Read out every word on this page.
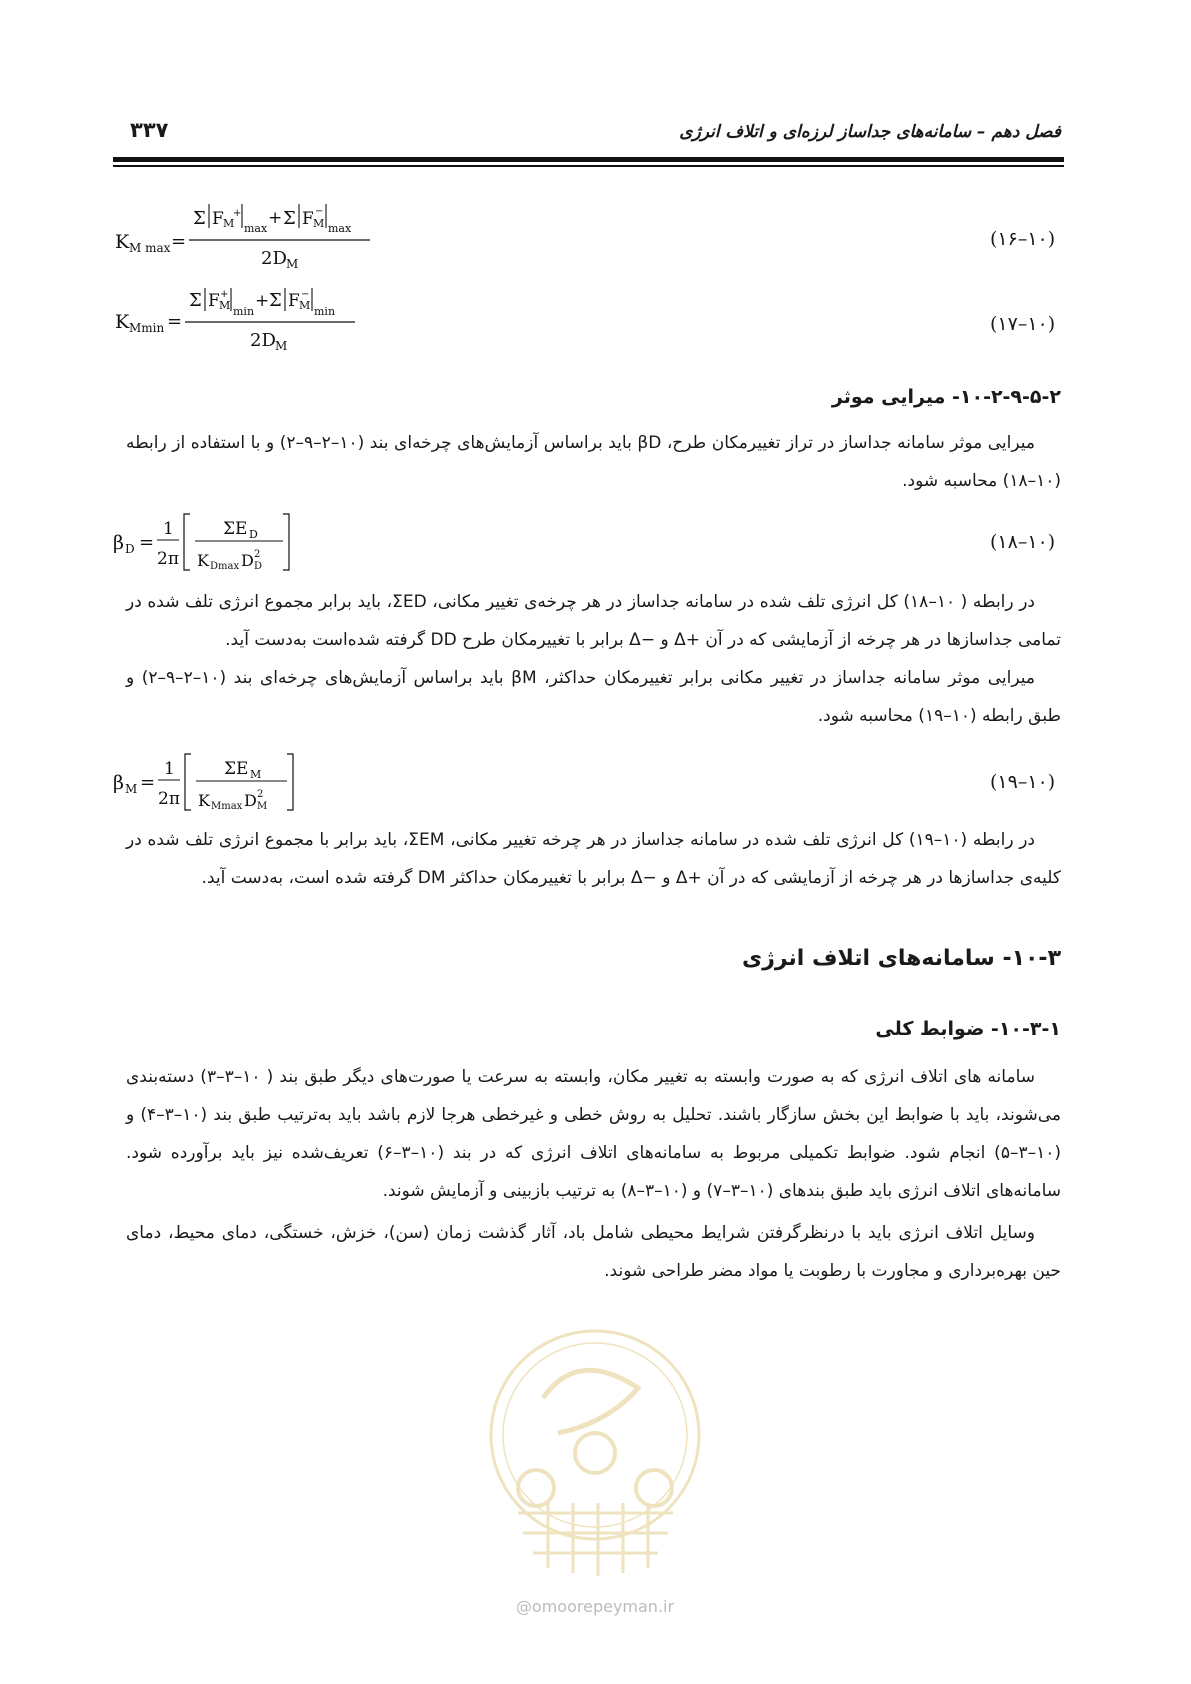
فصل دهم – سامانه‌های جداساز لرزه‌ای و اتلاف انرژی
۳۳۷
K M max =
Σ F M
+
max
+ Σ F M
−
max
2D M
(۱۶–۱۰)
K Mmin =
Σ F M
+
min
+ Σ F M
−
min
2D M
(۱۷–۱۰)
۱۰-۲-۹-۵-۲- میرایی موثر

میرایی موثر سامانه جداساز در تراز تغییرمکان طرح، βD باید براساس آزمایش‌های چرخه‌ای بند (۱۰–۲–۹–۲) و با استفاده از رابطه (۱۰–۱۸) محاسبه شود.

β D =
1
2π
ΣE D
K Dmax D D
2
(۱۸–۱۰)

در رابطه ( ۱۰–۱۸) کل انرژی تلف شده در سامانه جداساز در هر چرخه‌ی تغییر مکانی، ΣED، باید برابر مجموع انرژی تلف شده در تمامی جداسازها در هر چرخه از آزمایشی که در آن +Δ و −Δ برابر با تغییرمکان طرح DD گرفته شده‌است به‌دست آید.

میرایی موثر سامانه جداساز در تغییر مکانی برابر تغییرمکان حداکثر، βM باید براساس آزمایش‌های چرخه‌ای بند (۱۰–۲–۹–۲) و طبق رابطه (۱۰–۱۹) محاسبه شود.

β M =
1
2π
ΣE M
K Mmax D M
2
(۱۹–۱۰)

در رابطه (۱۰–۱۹) کل انرژی تلف شده در سامانه جداساز در هر چرخه تغییر مکانی، ΣEM، باید برابر با مجموع انرژی تلف شده در کلیه‌ی جداسازها در هر چرخه از آزمایشی که در آن +Δ و −Δ برابر با تغییرمکان حداکثر DM گرفته شده است، به‌دست آید.

۱۰-۳- سامانه‌های اتلاف انرژی
۱۰-۳-۱- ضوابط کلی

سامانه های اتلاف انرژی که به صورت وابسته به تغییر مکان، وابسته به سرعت یا صورت‌های دیگر طبق بند ( ۱۰–۳–۳) دسته‌بندی می‌شوند، باید با ضوابط این بخش سازگار باشند. تحلیل به روش خطی و غیرخطی هرجا لازم باشد باید به‌ترتیب طبق بند (۱۰–۳–۴) و (۱۰–۳–۵) انجام شود. ضوابط تکمیلی مربوط به سامانه‌های اتلاف انرژی که در بند (۱۰–۳–۶) تعریف‌شده نیز باید برآورده شود. سامانه‌های اتلاف انرژی باید طبق بندهای (۱۰–۳–۷) و (۱۰–۳–۸) به ترتیب بازبینی و آزمایش شوند.

وسایل اتلاف انرژی باید با درنظرگرفتن شرایط محیطی شامل باد، آثار گذشت زمان (سن)، خزش، خستگی، دمای محیط، دمای حین بهره‌برداری و مجاورت با رطوبت یا مواد مضر طراحی شوند.

@omoorepeyman.ir
